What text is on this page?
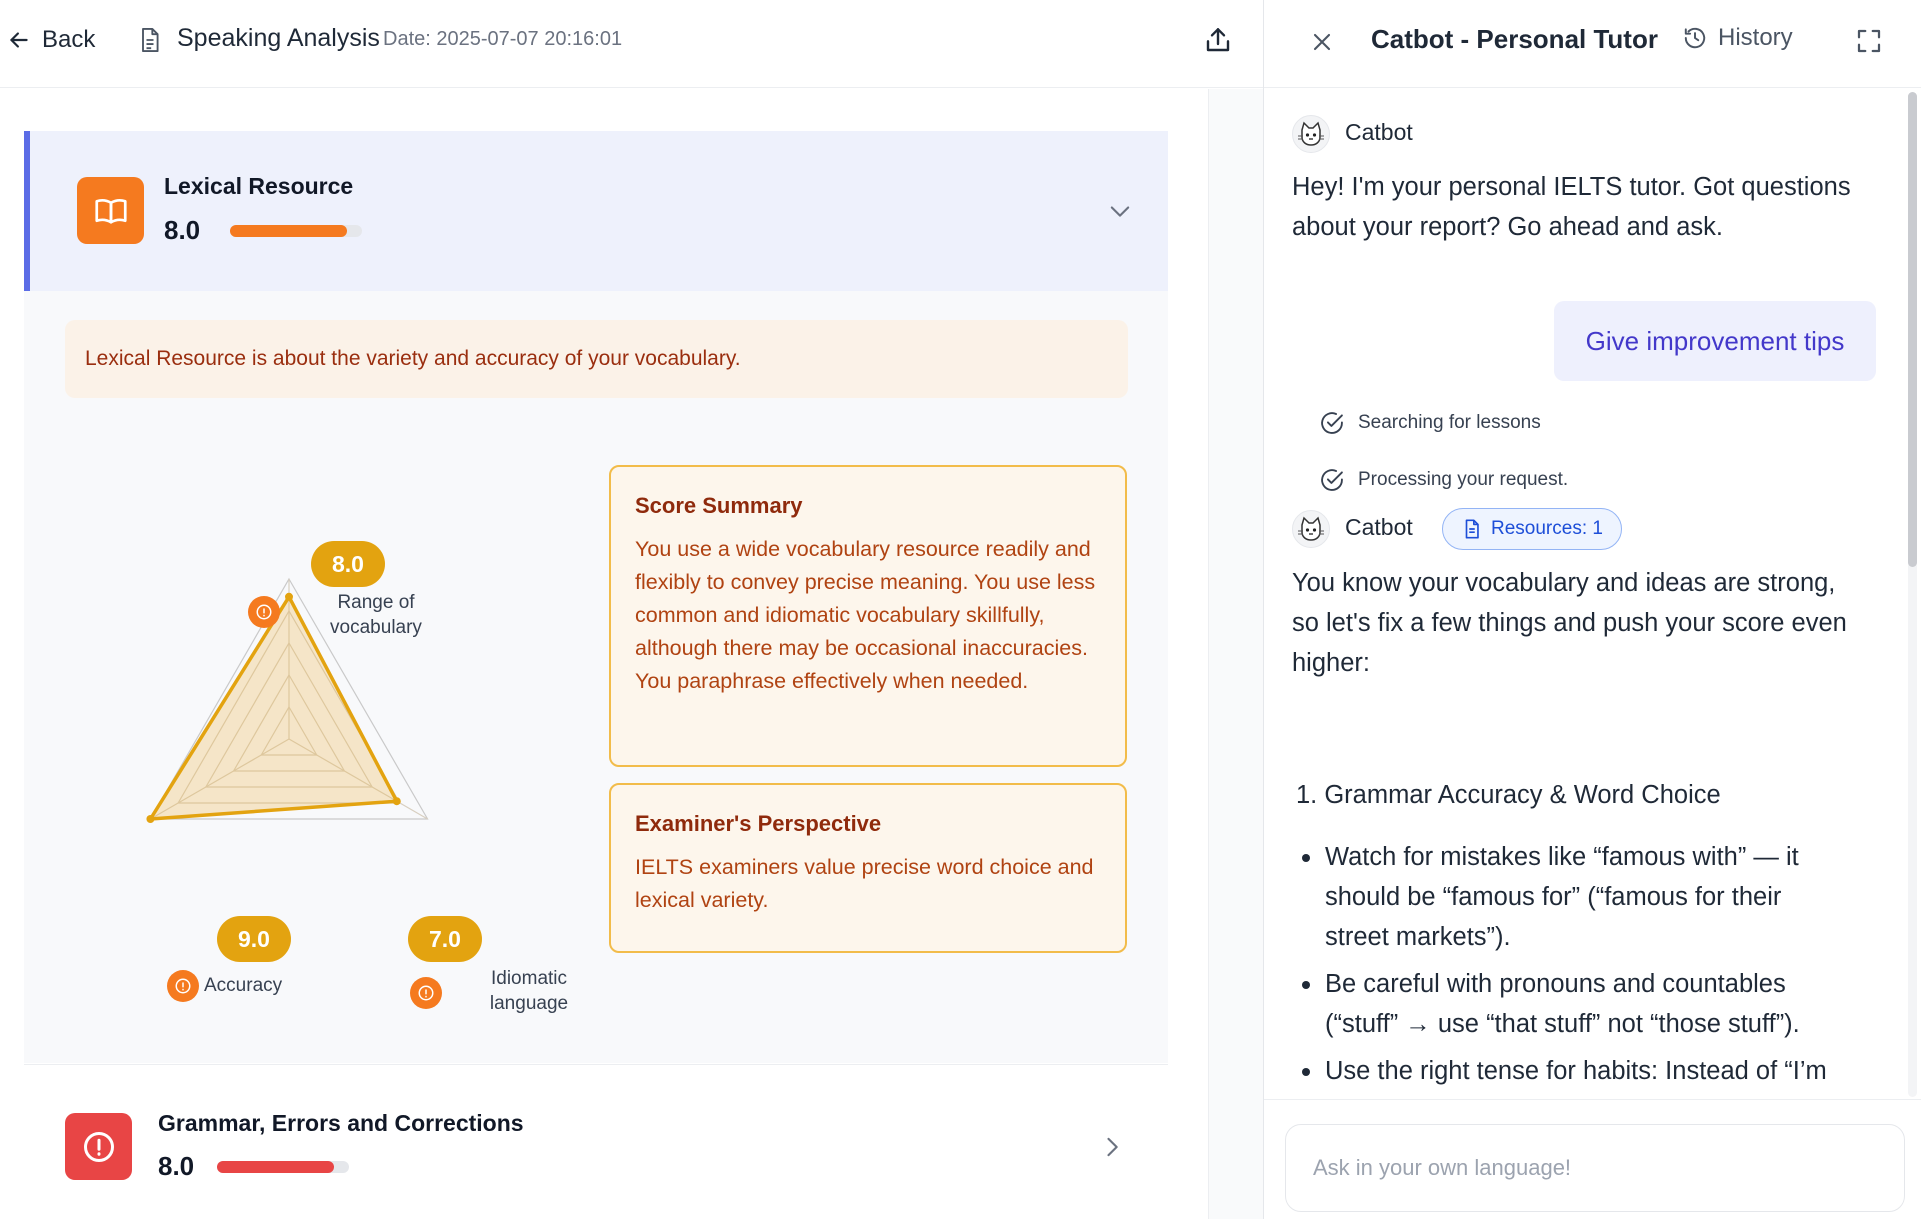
Back	Speaking Analysis Date: 2025-07-07 20:16:01
Lexical Resource
8.0
Lexical Resource is about the variety and accuracy of your vocabulary.
8.0
Range of
vocabulary
7.0
Idiomatic
language
9.0
Accuracy
Score Summary

You use a wide vocabulary resource readily and flexibly to convey precise meaning. You use less common and idiomatic vocabulary skillfully, although there may be occasional inaccuracies. You paraphrase effectively when needed.

Examiner's Perspective

IELTS examiners value precise word choice and lexical variety.

Grammar, Errors and Corrections
8.0
Catbot - Personal Tutor	History
Catbot
Hey! I'm your personal IELTS tutor. Got questions about your report? Go ahead and ask.
Give improvement tips
Searching for lessons
Processing your request.
Catbot	Resources: 1
You know your vocabulary and ideas are strong, so let's fix a few things and push your score even higher:
1. Grammar Accuracy & Word Choice
Watch for mistakes like “famous with” — it should be “famous for” (“famous for their street markets”).
Be careful with pronouns and countables (“stuff” → use “that stuff” not “those stuff”).
Use the right tense for habits: Instead of “I’m
Ask in your own language!
